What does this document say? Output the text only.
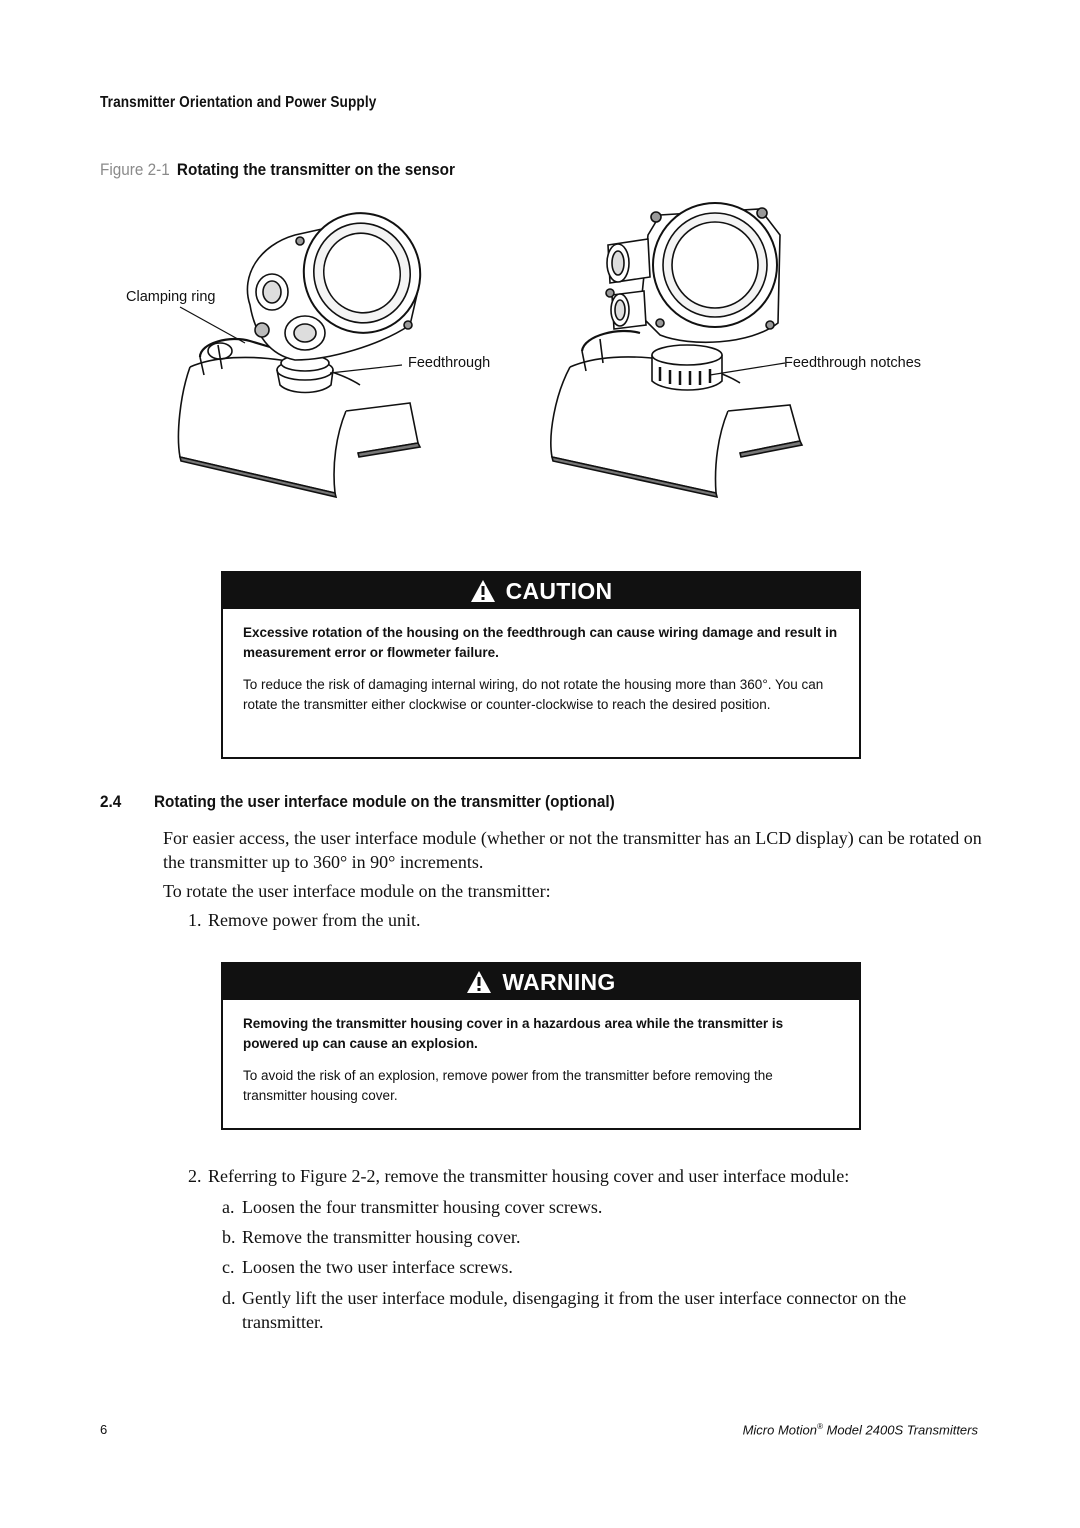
Transmitter Orientation and Power Supply
Figure 2-1 Rotating the transmitter on the sensor
Clamping ring
Feedthrough	Feedthrough notches
CAUTION
Excessive rotation of the housing on the feedthrough can cause wiring damage and result in measurement error or flowmeter failure.
To reduce the risk of damaging internal wiring, do not rotate the housing more than 360°. You can rotate the transmitter either clockwise or counter-clockwise to reach the desired position.
2.4 Rotating the user interface module on the transmitter (optional)
For easier access, the user interface module (whether or not the transmitter has an LCD display) can be rotated on the transmitter up to 360° in 90° increments.
To rotate the user interface module on the transmitter:
1. Remove power from the unit.
WARNING
Removing the transmitter housing cover in a hazardous area while the transmitter is powered up can cause an explosion.
To avoid the risk of an explosion, remove power from the transmitter before removing the transmitter housing cover.
2. Referring to Figure 2-2, remove the transmitter housing cover and user interface module:
a. Loosen the four transmitter housing cover screws.
b. Remove the transmitter housing cover.
c. Loosen the two user interface screws.
d. Gently lift the user interface module, disengaging it from the user interface connector on the transmitter.
6	Micro Motion® Model 2400S Transmitters
